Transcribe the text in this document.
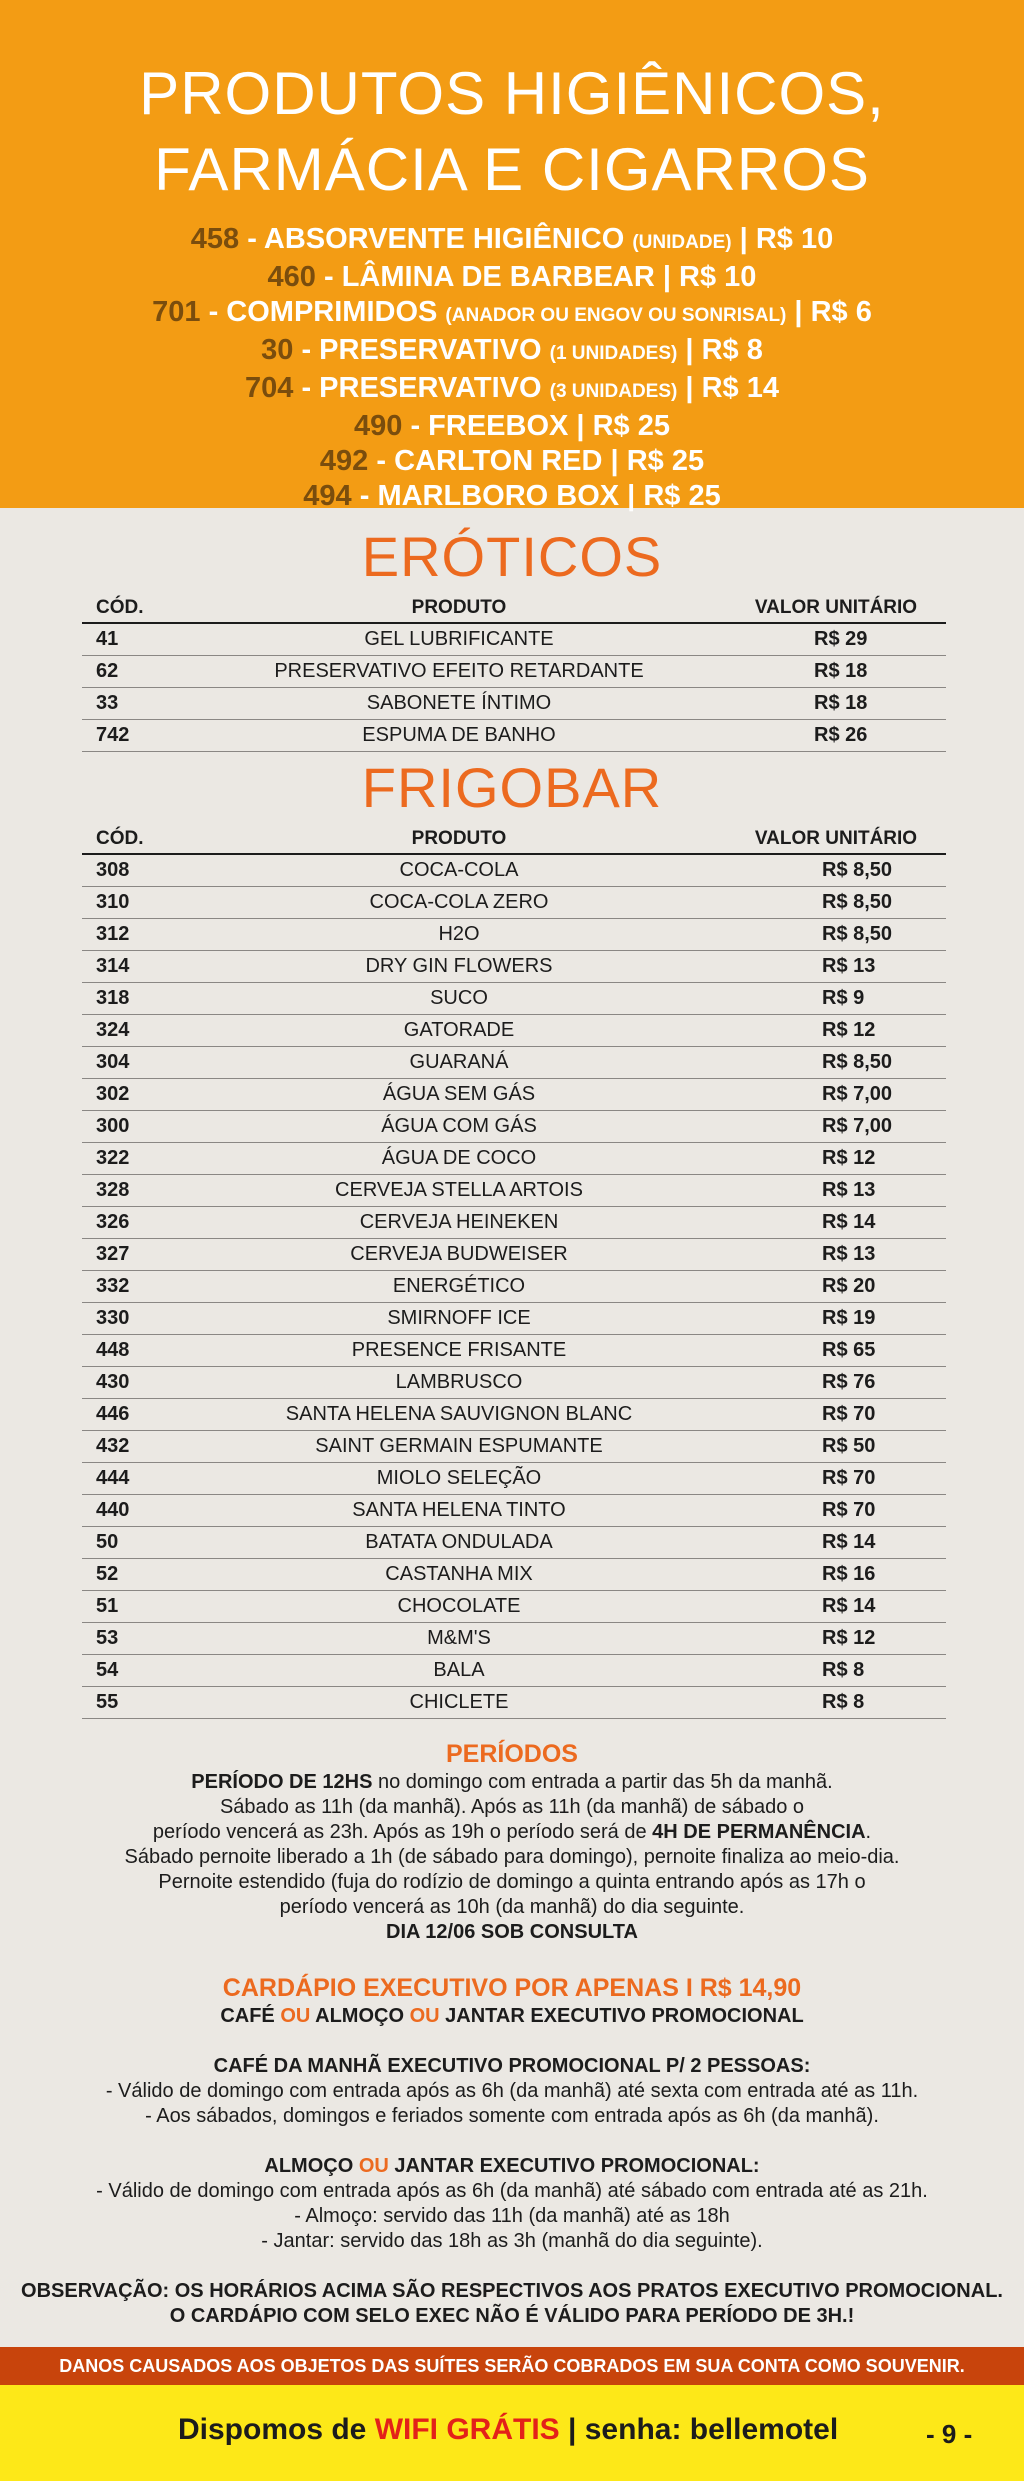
PRODUTOS HIGIÊNICOS,
FARMÁCIA E CIGARROS
458 - ABSORVENTE HIGIÊNICO (UNIDADE) | R$ 10
460 - LÂMINA DE BARBEAR | R$ 10
701 - COMPRIMIDOS (ANADOR OU ENGOV OU SONRISAL) | R$ 6
30 - PRESERVATIVO (1 UNIDADES) | R$ 8
704 - PRESERVATIVO (3 UNIDADES) | R$ 14
490 - FREEBOX | R$ 25
492 - CARLTON RED | R$ 25
494 - MARLBORO BOX | R$ 25
ERÓTICOS
CÓD.	PRODUTO	VALOR UNITÁRIO
41	GEL LUBRIFICANTE	R$ 29
62	PRESERVATIVO EFEITO RETARDANTE	R$ 18
33	SABONETE ÍNTIMO	R$ 18
742	ESPUMA DE BANHO	R$ 26
FRIGOBAR
CÓD.	PRODUTO	VALOR UNITÁRIO
308	COCA-COLA	R$ 8,50
310	COCA-COLA ZERO	R$ 8,50
312	H2O	R$ 8,50
314	DRY GIN FLOWERS	R$ 13
318	SUCO	R$ 9
324	GATORADE	R$ 12
304	GUARANÁ	R$ 8,50
302	ÁGUA SEM GÁS	R$ 7,00
300	ÁGUA COM GÁS	R$ 7,00
322	ÁGUA DE COCO	R$ 12
328	CERVEJA STELLA ARTOIS	R$ 13
326	CERVEJA HEINEKEN	R$ 14
327	CERVEJA BUDWEISER	R$ 13
332	ENERGÉTICO	R$ 20
330	SMIRNOFF ICE	R$ 19
448	PRESENCE FRISANTE	R$ 65
430	LAMBRUSCO	R$ 76
446	SANTA HELENA SAUVIGNON BLANC	R$ 70
432	SAINT GERMAIN ESPUMANTE	R$ 50
444	MIOLO SELEÇÃO	R$ 70
440	SANTA HELENA TINTO	R$ 70
50	BATATA ONDULADA	R$ 14
52	CASTANHA MIX	R$ 16
51	CHOCOLATE	R$ 14
53	M&M'S	R$ 12
54	BALA	R$ 8
55	CHICLETE	R$ 8
PERÍODOS
PERÍODO DE 12HS no domingo com entrada a partir das 5h da manhã.
Sábado as 11h (da manhã). Após as 11h (da manhã) de sábado o
período vencerá as 23h. Após as 19h o período será de 4H DE PERMANÊNCIA.
Sábado pernoite liberado a 1h (de sábado para domingo), pernoite finaliza ao meio-dia.
Pernoite estendido (fuja do rodízio de domingo a quinta entrando após as 17h o
período vencerá as 10h (da manhã) do dia seguinte.
DIA 12/06 SOB CONSULTA
CARDÁPIO EXECUTIVO POR APENAS I R$ 14,90
CAFÉ OU ALMOÇO OU JANTAR EXECUTIVO PROMOCIONAL
CAFÉ DA MANHÃ EXECUTIVO PROMOCIONAL P/ 2 PESSOAS:
- Válido de domingo com entrada após as 6h (da manhã) até sexta com entrada até as 11h.
- Aos sábados, domingos e feriados somente com entrada após as 6h (da manhã).
ALMOÇO OU JANTAR EXECUTIVO PROMOCIONAL:
- Válido de domingo com entrada após as 6h (da manhã) até sábado com entrada até as 21h.
- Almoço: servido das 11h (da manhã) até as 18h
- Jantar: servido das 18h as 3h (manhã do dia seguinte).
OBSERVAÇÃO: OS HORÁRIOS ACIMA SÃO RESPECTIVOS AOS PRATOS EXECUTIVO PROMOCIONAL.
O CARDÁPIO COM SELO EXEC NÃO É VÁLIDO PARA PERÍODO DE 3H.!
DANOS CAUSADOS AOS OBJETOS DAS SUÍTES SERÃO COBRADOS EM SUA CONTA COMO SOUVENIR.
Dispomos de WIFI GRÁTIS | senha: bellemotel	- 9 -
